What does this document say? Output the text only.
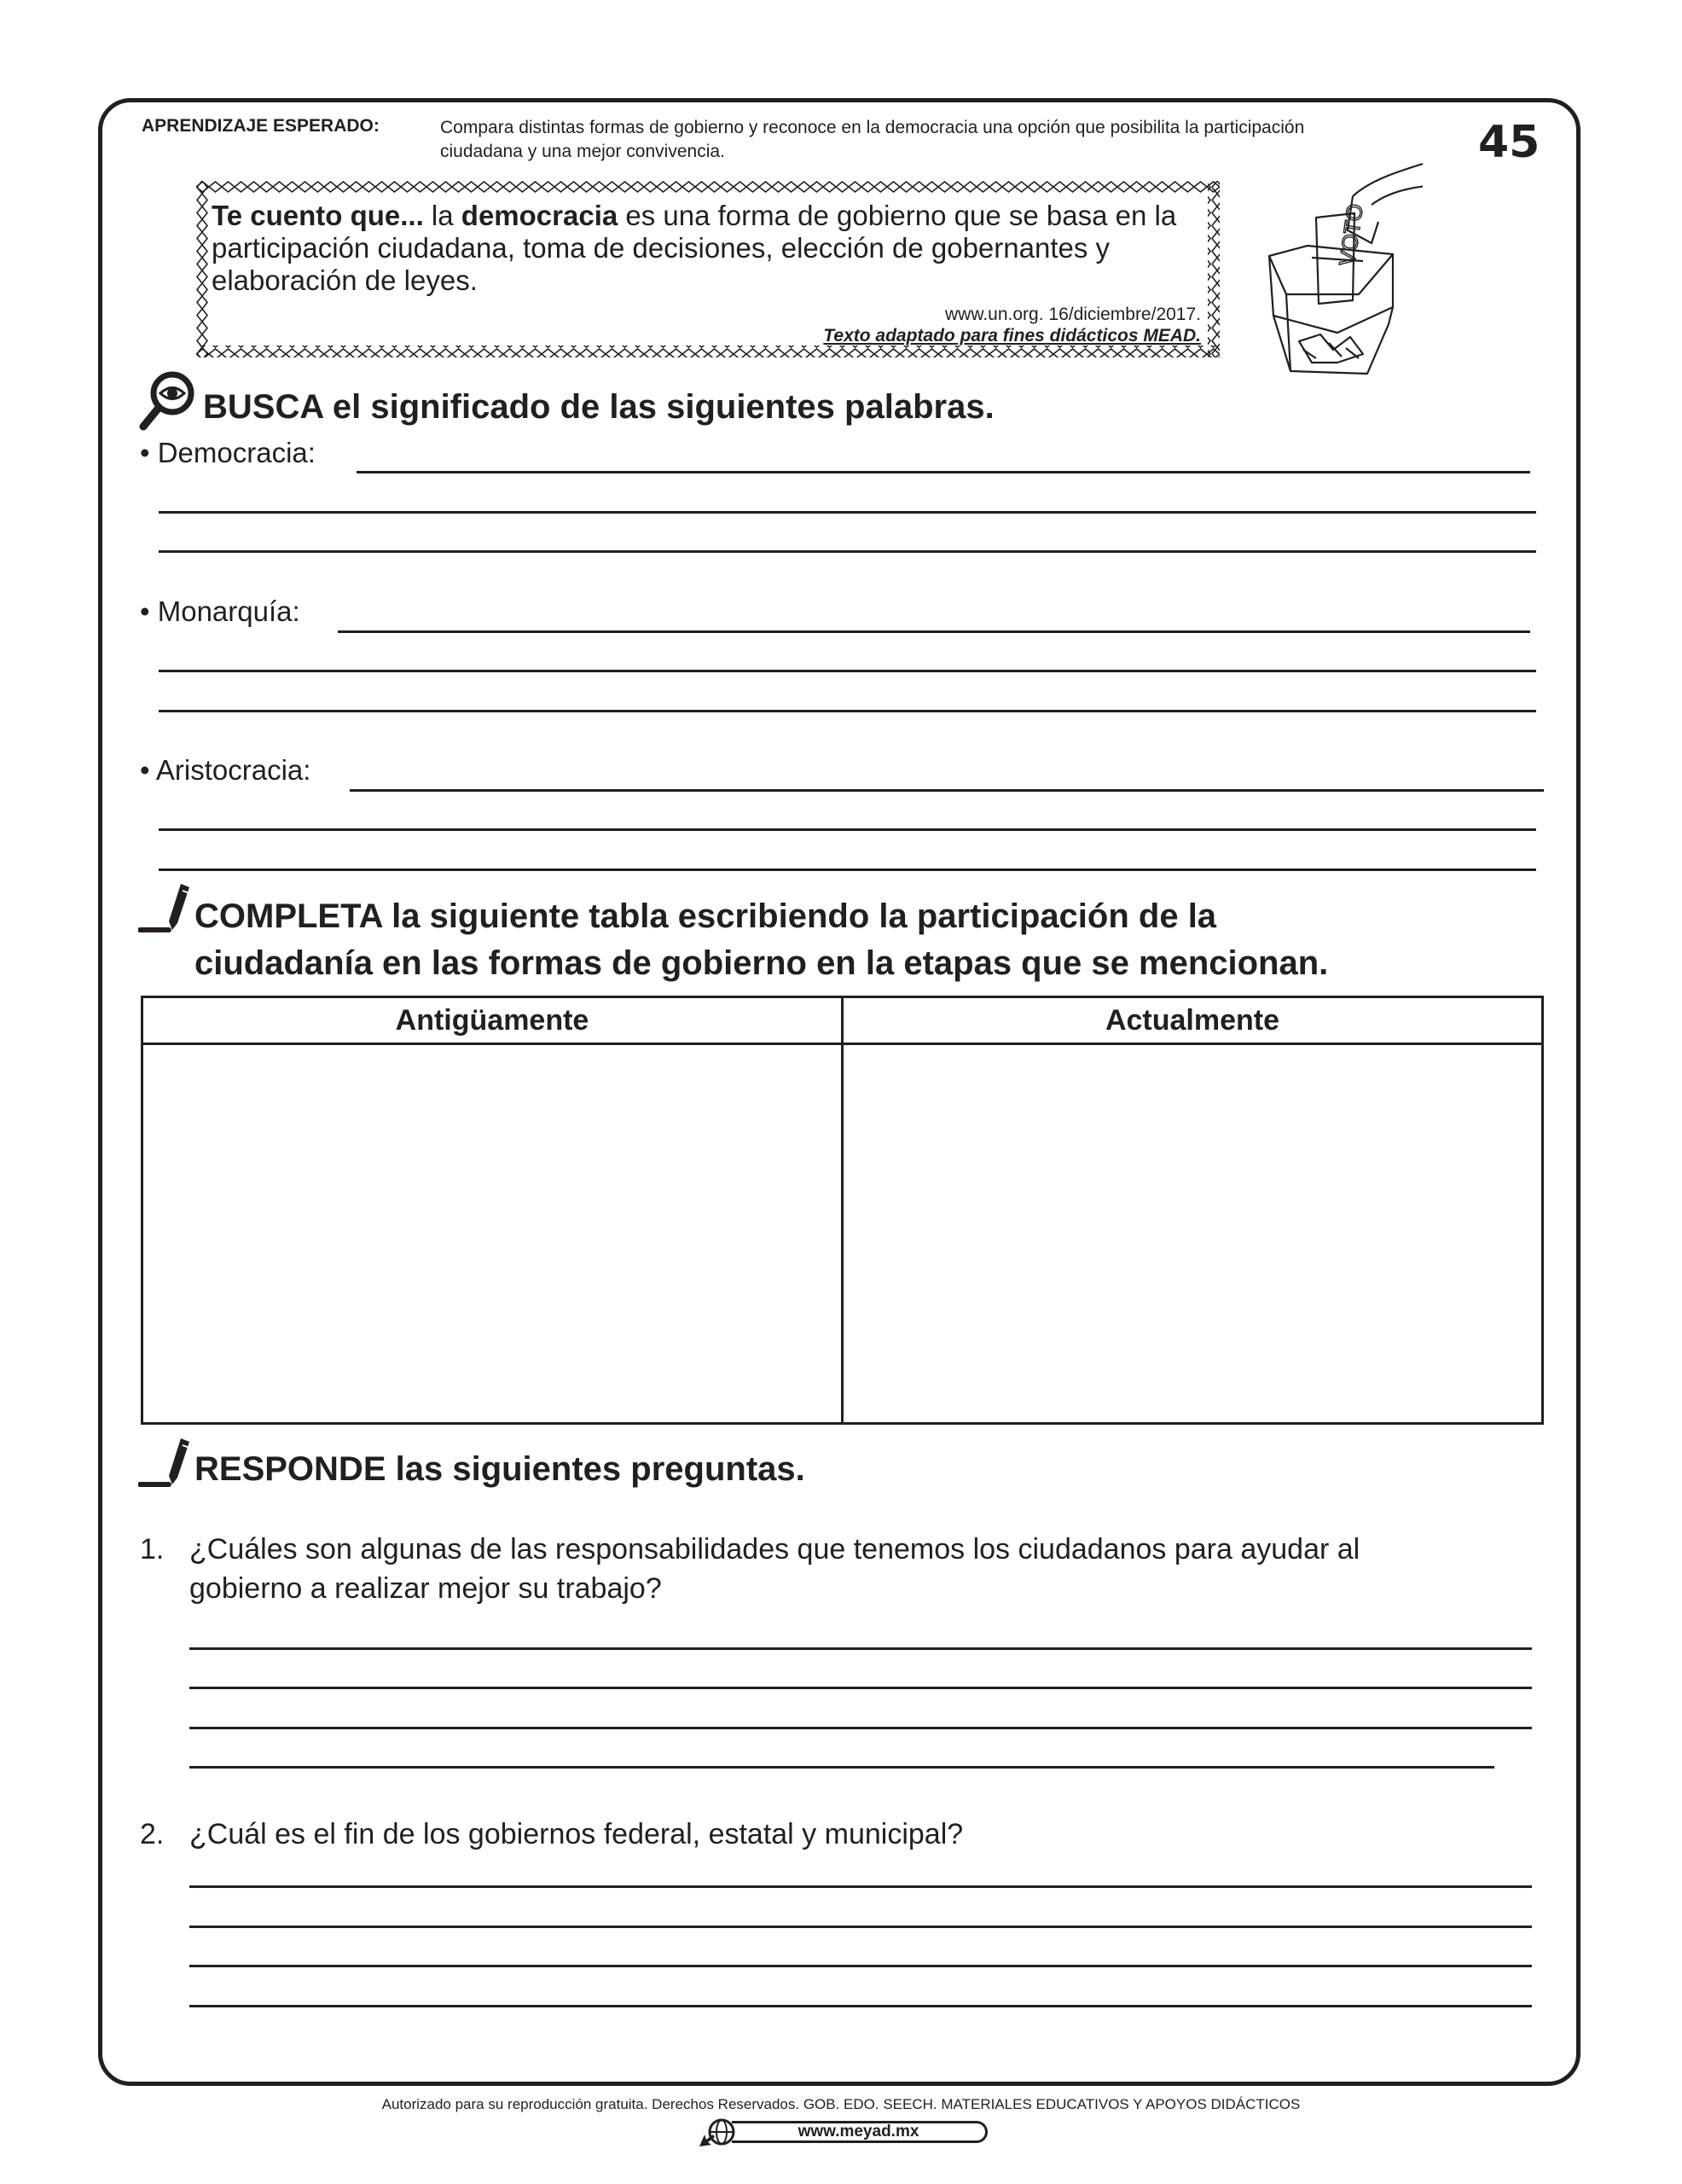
APRENDIZAJE ESPERADO:	Compara distintas formas de gobierno y reconoce en la democracia una opción que posibilita la participación ciudadana y una mejor convivencia.	45
Te cuento que... la democracia es una forma de gobierno que se basa en la participación ciudadana, toma de decisiones, elección de gobernantes y elaboración de leyes.
www.un.org. 16/diciembre/2017.
Texto adaptado para fines didácticos MEAD.
VOTO
BUSCA el significado de las siguientes palabras.
• Democracia:
• Monarquía:
• Aristocracia:
COMPLETA la siguiente tabla escribiendo la participación de la
ciudadanía en las formas de gobierno en la etapas que se mencionan.
Antigüamente	Actualmente

RESPONDE las siguientes preguntas.
1. ¿Cuáles son algunas de las responsabilidades que tenemos los ciudadanos para ayudar al
gobierno a realizar mejor su trabajo?
2. ¿Cuál es el fin de los gobiernos federal, estatal y municipal?
Autorizado para su reproducción gratuita. Derechos Reservados. GOB. EDO. SEECH. MATERIALES EDUCATIVOS Y APOYOS DIDÁCTICOS
www.meyad.mx
